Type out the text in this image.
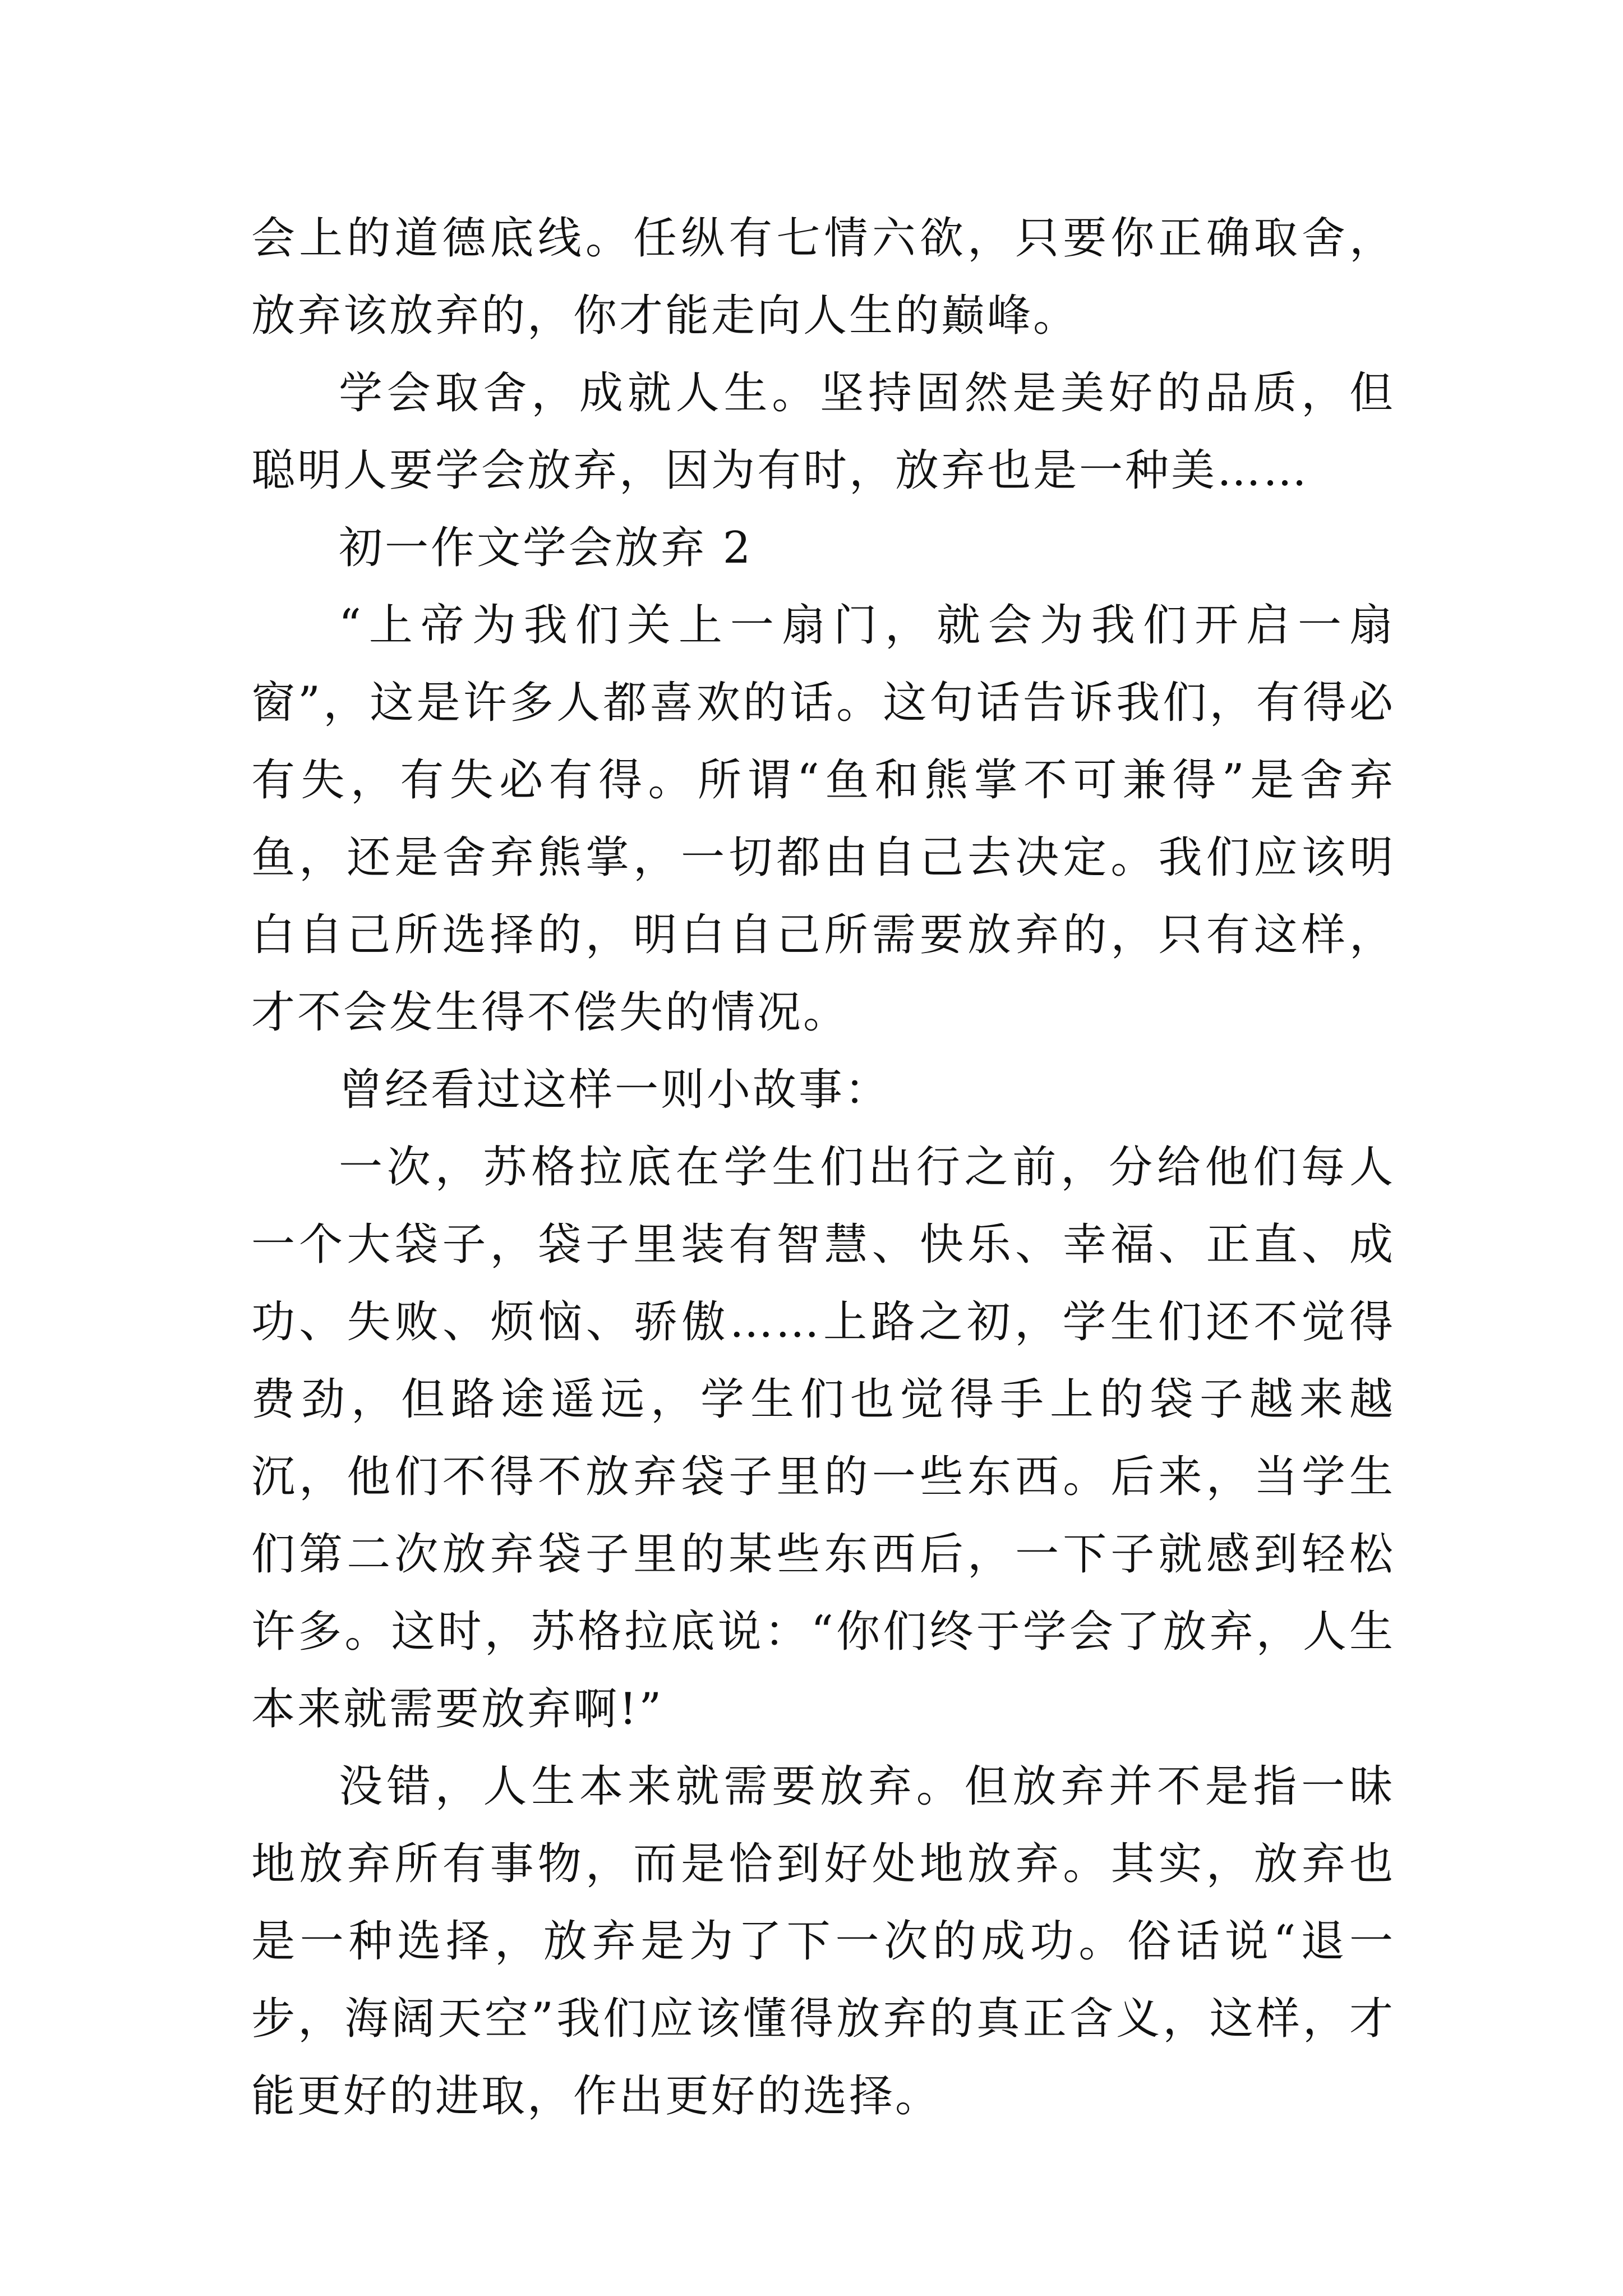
会上的道德底线。任纵有七情六欲，只要你正确取舍，放弃该放弃的，你才能走向人生的巅峰。

学会取舍，成就人生。坚持固然是美好的品质，但聪明人要学会放弃，因为有时，放弃也是一种美……

初一作文学会放弃 2

“上帝为我们关上一扇门，就会为我们开启一扇窗”，这是许多人都喜欢的话。这句话告诉我们，有得必有失，有失必有得。所谓“鱼和熊掌不可兼得”是舍弃鱼，还是舍弃熊掌，一切都由自己去决定。我们应该明白自己所选择的，明白自己所需要放弃的，只有这样，才不会发生得不偿失的情况。

曾经看过这样一则小故事：

一次，苏格拉底在学生们出行之前，分给他们每人一个大袋子，袋子里装有智慧、快乐、幸福、正直、成功、失败、烦恼、骄傲……上路之初，学生们还不觉得费劲，但路途遥远，学生们也觉得手上的袋子越来越沉，他们不得不放弃袋子里的一些东西。后来，当学生们第二次放弃袋子里的某些东西后，一下子就感到轻松许多。这时，苏格拉底说：“你们终于学会了放弃，人生本来就需要放弃啊!”

没错，人生本来就需要放弃。但放弃并不是指一昧地放弃所有事物，而是恰到好处地放弃。其实，放弃也是一种选择，放弃是为了下一次的成功。俗话说“退一步，海阔天空”我们应该懂得放弃的真正含义，这样，才能更好的进取，作出更好的选择。
